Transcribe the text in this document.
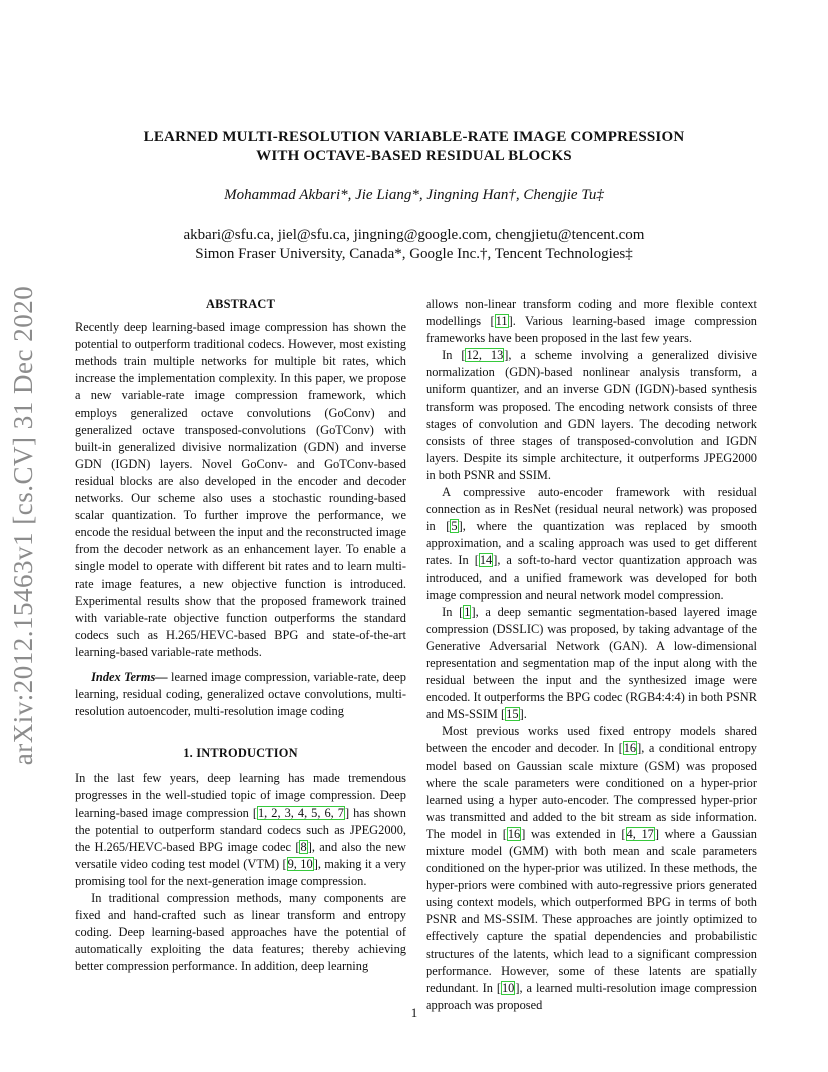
arXiv:2012.15463v1 [cs.CV] 31 Dec 2020
LEARNED MULTI-RESOLUTION VARIABLE-RATE IMAGE COMPRESSION
WITH OCTAVE-BASED RESIDUAL BLOCKS
Mohammad Akbari*, Jie Liang*, Jingning Han†, Chengjie Tu‡
akbari@sfu.ca, jiel@sfu.ca, jingning@google.com, chengjietu@tencent.com
Simon Fraser University, Canada*, Google Inc.†, Tencent Technologies‡
ABSTRACT

Recently deep learning-based image compression has shown the potential to outperform traditional codecs. However, most existing methods train multiple networks for multiple bit rates, which increase the implementation complexity. In this paper, we propose a new variable-rate image compression framework, which employs generalized octave convolutions (GoConv) and generalized octave transposed-convolutions (GoTConv) with built-in generalized divisive normalization (GDN) and inverse GDN (IGDN) layers. Novel GoConv- and GoTConv-based residual blocks are also developed in the encoder and decoder networks. Our scheme also uses a stochastic rounding-based scalar quantization. To further improve the performance, we encode the residual between the input and the reconstructed image from the decoder network as an enhancement layer. To enable a single model to operate with different bit rates and to learn multi-rate image features, a new objective function is introduced. Experimental results show that the proposed framework trained with variable-rate objective function outperforms the standard codecs such as H.265/HEVC-based BPG and state-of-the-art learning-based variable-rate methods.

Index Terms— learned image compression, variable-rate, deep learning, residual coding, generalized octave convolutions, multi-resolution autoencoder, multi-resolution image coding

1. INTRODUCTION

In the last few years, deep learning has made tremendous progresses in the well-studied topic of image compression. Deep learning-based image compression [1, 2, 3, 4, 5, 6, 7] has shown the potential to outperform standard codecs such as JPEG2000, the H.265/HEVC-based BPG image codec [8], and also the new versatile video coding test model (VTM) [9, 10], making it a very promising tool for the next-generation image compression.

In traditional compression methods, many components are fixed and hand-crafted such as linear transform and entropy coding. Deep learning-based approaches have the potential of automatically exploiting the data features; thereby achieving better compression performance. In addition, deep learning

allows non-linear transform coding and more flexible context modellings [11]. Various learning-based image compression frameworks have been proposed in the last few years.

In [12, 13], a scheme involving a generalized divisive normalization (GDN)-based nonlinear analysis transform, a uniform quantizer, and an inverse GDN (IGDN)-based synthesis transform was proposed. The encoding network consists of three stages of convolution and GDN layers. The decoding network consists of three stages of transposed-convolution and IGDN layers. Despite its simple architecture, it outperforms JPEG2000 in both PSNR and SSIM.

A compressive auto-encoder framework with residual connection as in ResNet (residual neural network) was proposed in [5], where the quantization was replaced by smooth approximation, and a scaling approach was used to get different rates. In [14], a soft-to-hard vector quantization approach was introduced, and a unified framework was developed for both image compression and neural network model compression.

In [1], a deep semantic segmentation-based layered image compression (DSSLIC) was proposed, by taking advantage of the Generative Adversarial Network (GAN). A low-dimensional representation and segmentation map of the input along with the residual between the input and the synthesized image were encoded. It outperforms the BPG codec (RGB4:4:4) in both PSNR and MS-SSIM [15].

Most previous works used fixed entropy models shared between the encoder and decoder. In [16], a conditional entropy model based on Gaussian scale mixture (GSM) was proposed where the scale parameters were conditioned on a hyper-prior learned using a hyper auto-encoder. The compressed hyper-prior was transmitted and added to the bit stream as side information. The model in [16] was extended in [4, 17] where a Gaussian mixture model (GMM) with both mean and scale parameters conditioned on the hyper-prior was utilized. In these methods, the hyper-priors were combined with auto-regressive priors generated using context models, which outperformed BPG in terms of both PSNR and MS-SSIM. These approaches are jointly optimized to effectively capture the spatial dependencies and probabilistic structures of the latents, which lead to a significant compression performance. However, some of these latents are spatially redundant. In [10], a learned multi-resolution image compression approach was proposed

1
